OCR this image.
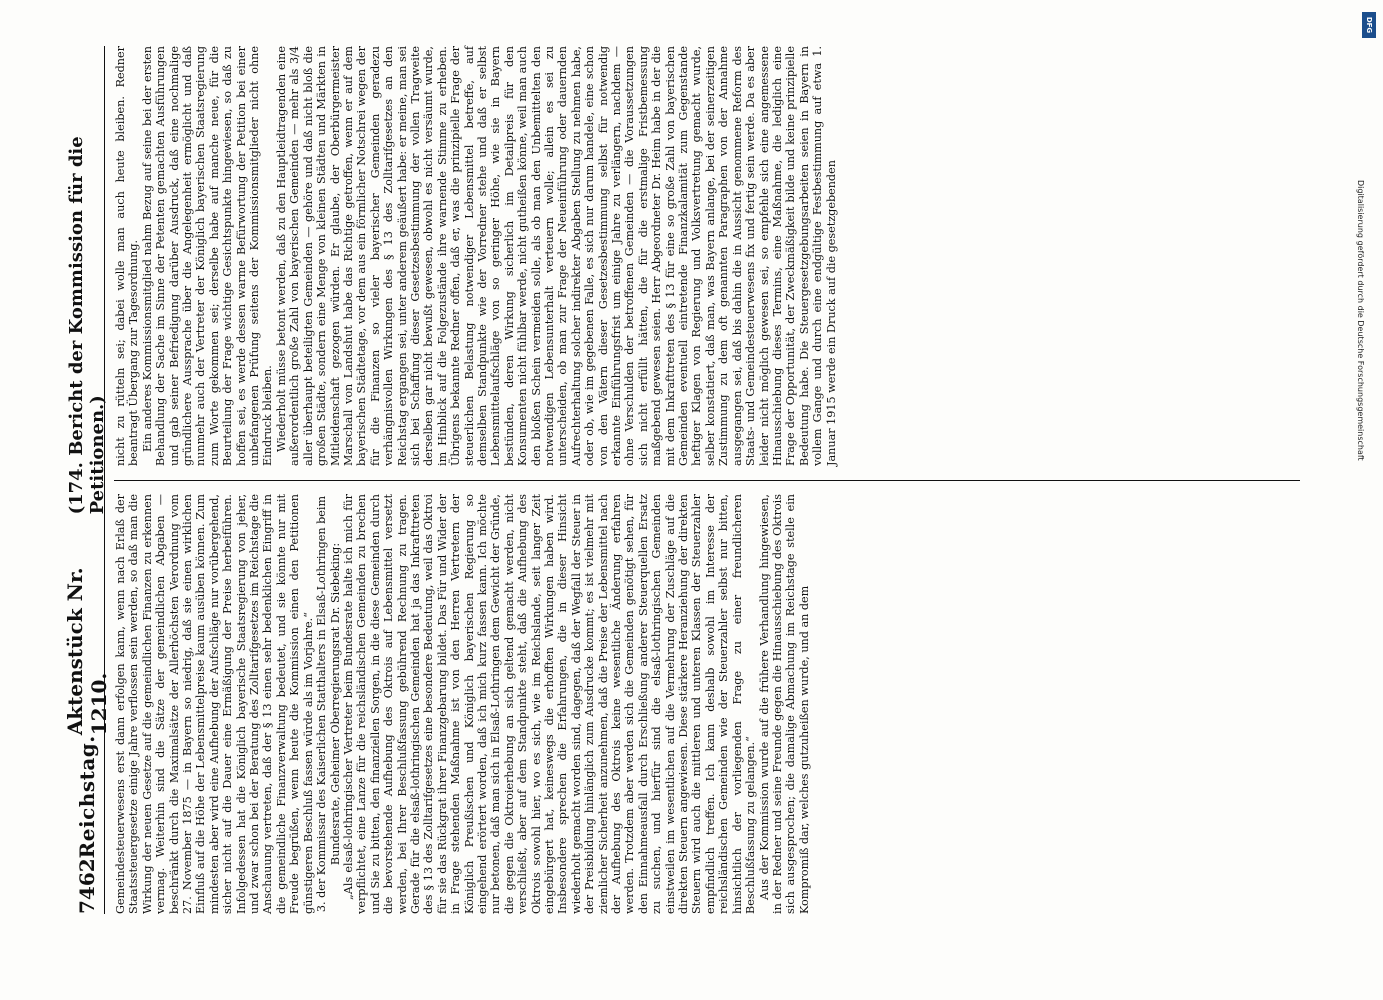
7462
Reichstag.
Aktenstück Nr. 1210.
(174. Bericht der Kommission für die Petitionen.)

Gemeindesteuerwesens erst dann erfolgen kann, wenn nach Erlaß der Staatssteuergesetze einige Jahre verflossen sein werden, so daß man die Wirkung der neuen Gesetze auf die gemeindlichen Finanzen zu erkennen vermag. Weiterhin sind die Sätze der gemeindlichen Abgaben — beschränkt durch die Maximalsätze der Allerhöchsten Verordnung vom 27. November 1875 — in Bayern so niedrig, daß sie einen wirklichen Einfluß auf die Höhe der Lebensmittelpreise kaum ausüben können. Zum mindesten aber wird eine Aufhebung der Aufschläge nur vorübergehend, sicher nicht auf die Dauer eine Ermäßigung der Preise herbeiführen. Infolgedessen hat die Königlich bayerische Staatsregierung von jeher, und zwar schon bei der Beratung des Zolltarifgesetzes im Reichstage die Anschauung vertreten, daß der § 13 einen sehr bedenklichen Eingriff in die gemeindliche Finanzverwaltung bedeutet, und sie könnte nur mit Freude begrüßen, wenn heute die Kommission einen den Petitionen günstigeren Beschluß fassen würde als im Vorjahre.“ 3. der Kommissar des Kaiserlichen Statthalters in Elsaß-Lothringen beim Bundesrate, Geheimer Oberregierungsrat Dr. Siebeking: „Als elsaß-lothringischer Vertreter beim Bundesrate halte ich mich für verpflichtet, eine Lanze für die reichsländischen Gemeinden zu brechen und Sie zu bitten, den finanziellen Sorgen, in die diese Gemeinden durch die bevorstehende Aufhebung des Oktrois auf Lebensmittel versetzt werden, bei Ihrer Beschlußfassung gebührend Rechnung zu tragen. Gerade für die elsaß-lothringischen Gemeinden hat ja das Inkrafttreten des § 13 des Zolltarifgesetzes eine besondere Bedeutung, weil das Oktroi für sie das Rückgrat ihrer Finanzgebarung bildet. Das Für und Wider der in Frage stehenden Maßnahme ist von den Herren Vertretern der Königlich Preußischen und Königlich bayerischen Regierung so eingehend erörtert worden, daß ich mich kurz fassen kann. Ich möchte nur betonen, daß man sich in Elsaß-Lothringen dem Gewicht der Gründe, die gegen die Oktroierhebung an sich geltend gemacht werden, nicht verschließt, aber auf dem Standpunkte steht, daß die Aufhebung des Oktrois sowohl hier, wo es sich, wie im Reichslande, seit langer Zeit eingebürgert hat, keineswegs die erhofften Wirkungen haben wird. Insbesondere sprechen die Erfahrungen, die in dieser Hinsicht wiederholt gemacht worden sind, dagegen, daß der Wegfall der Steuer in der Preisbildung hinlänglich zum Ausdrucke kommt; es ist vielmehr mit ziemlicher Sicherheit anzunehmen, daß die Preise der Lebensmittel nach der Aufhebung des Oktrois keine wesentliche Änderung erfahren werden. Trotzdem aber werden sich die Gemeinden genötigt sehen, für den Einnahmeausfall durch Erschließung anderer Steuerquellen Ersatz zu suchen, und hierfür sind die elsaß-lothringischen Gemeinden einstweilen im wesentlichen auf die Vermehrung der Zuschläge auf die direkten Steuern angewiesen. Diese stärkere Heranziehung der direkten Steuern wird auch die mittleren und unteren Klassen der Steuerzahler empfindlich treffen. Ich kann deshalb sowohl im Interesse der reichsländischen Gemeinden wie der Steuerzahler selbst nur bitten, hinsichtlich der vorliegenden Frage zu einer freundlicheren Beschlußfassung zu gelangen.“ Aus der Kommission wurde auf die frühere Verhandlung hingewiesen, in der Redner und seine Freunde gegen die Hinausschiebung des Oktrois sich ausgesprochen; die damalige Abmachung im Reichstage stelle ein Kompromiß dar, welches gutzuheißen wurde, und an dem

nicht zu rütteln sei; dabei wolle man auch heute bleiben. Redner beantragt Übergang zur Tagesordnung. Ein anderes Kommissionsmitglied nahm Bezug auf seine bei der ersten Behandlung der Sache im Sinne der Petenten gemachten Ausführungen und gab seiner Befriedigung darüber Ausdruck, daß eine nochmalige gründlichere Aussprache über die Angelegenheit ermöglicht und daß nunmehr auch der Vertreter der Königlich bayerischen Staatsregierung zum Worte gekommen sei; derselbe habe auf manche neue, für die Beurteilung der Frage wichtige Gesichtspunkte hingewiesen, so daß zu hoffen sei, es werde dessen warme Befürwortung der Petition bei einer unbefangenen Prüfung seitens der Kommissionsmitglieder nicht ohne Eindruck bleiben. Wiederholt müsse betont werden, daß zu den Hauptleidtragenden eine außerordentlich große Zahl von bayerischen Gemeinden — mehr als 3/4 aller überhaupt beteiligten Gemeinden — gehöre und daß nicht bloß die großen Städte, sondern eine Menge von kleinen Städten und Märkten in Mitleidenschaft gezogen würden. Er glaube, der Oberbürgermeister Marschall von Landshut habe das Richtige getroffen, wenn er auf dem bayerischen Städtetage, vor dem aus ein förmlicher Notschrei wegen der für die Finanzen so vieler bayerischer Gemeinden geradezu verhängnisvollen Wirkungen des § 13 des Zolltarifgesetzes an den Reichstag ergangen sei, unter anderem geäußert habe: er meine, man sei sich bei Schaffung dieser Gesetzesbestimmung der vollen Tragweite derselben gar nicht bewußt gewesen, obwohl es nicht versäumt wurde, im Hinblick auf die Folgezustände ihre warnende Stimme zu erheben. Übrigens bekannte Redner offen, daß er, was die prinzipielle Frage der steuerlichen Belastung notwendiger Lebensmittel betreffe, auf demselben Standpunkte wie der Vorredner stehe und daß er selbst Lebensmittelaufschläge von so geringer Höhe, wie sie in Bayern bestünden, deren Wirkung sicherlich im Detailpreis für den Konsumenten nicht fühlbar werde, nicht gutheißen könne, weil man auch den bloßen Schein vermeiden solle, als ob man den Unbemittelten den notwendigen Lebensunterhalt verteuern wolle; allein es sei zu unterscheiden, ob man zur Frage der Neueinführung oder dauernden Aufrechterhaltung solcher indirekter Abgaben Stellung zu nehmen habe, oder ob, wie im gegebenen Falle, es sich nur darum handele, eine schon von den Vätern dieser Gesetzesbestimmung selbst für notwendig erkannte Einführungsfrist um einige Jahre zu verlängern, nachdem — ohne Verschulden der betroffenen Gemeinden — die Voraussetzungen sich nicht erfüllt hätten, die für die erstmalige Fristbemessung maßgebend gewesen seien. Herr Abgeordneter Dr. Heim habe in der die mit dem Inkrafttreten des § 13 für eine so große Zahl von bayerischen Gemeinden eventuell eintretende Finanzkalamität zum Gegenstande heftiger Klagen von Regierung und Volksvertretung gemacht wurde, selber konstatiert, daß man, was Bayern anlange, bei der seinerzeitigen Zustimmung zu dem oft genannten Paragraphen von der Annahme ausgegangen sei, daß bis dahin die in Aussicht genommene Reform des Staats- und Gemeindesteuerwesens fix und fertig sein werde. Da es aber leider nicht möglich gewesen sei, so empfehle sich eine angemessene Hinausschiebung dieses Termins, eine Maßnahme, die lediglich eine Frage der Opportunität, der Zweckmäßigkeit bilde und keine prinzipielle Bedeutung habe. Die Steuergesetzgebungsarbeiten seien in Bayern in vollem Gange und durch eine endgültige Festbestimmung auf etwa 1. Januar 1915 werde ein Druck auf die gesetzgebenden

DFG
Digitalisierung gefördert durch die Deutsche Forschungsgemeinschaft
